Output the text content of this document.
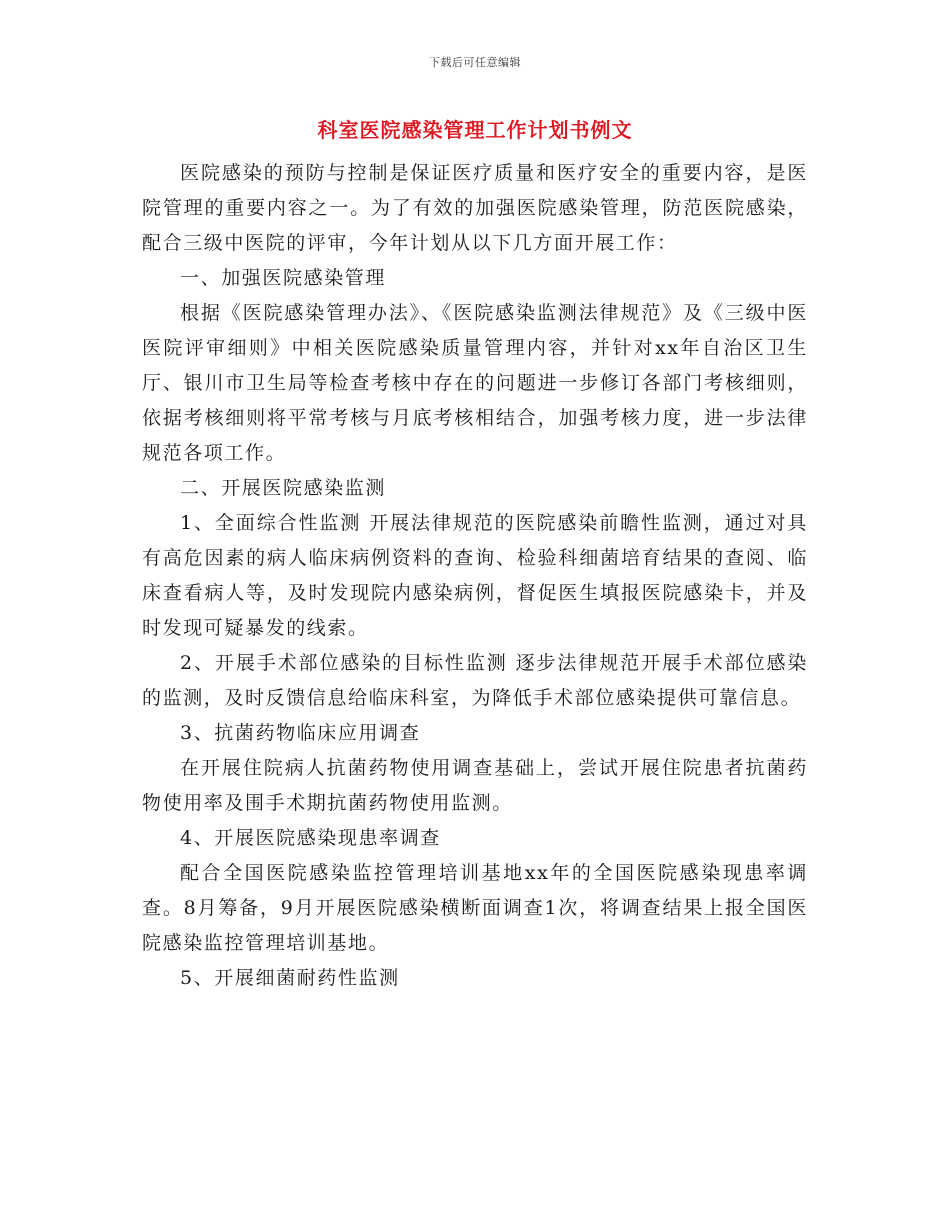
下载后可任意编辑
科室医院感染管理工作计划书例文

医院感染的预防与控制是保证医疗质量和医疗安全的重要内容，是医院管理的重要内容之一。为了有效的加强医院感染管理，防范医院感染，配合三级中医院的评审，今年计划从以下几方面开展工作：

一、加强医院感染管理

根据《医院感染管理办法》、《医院感染监测法律规范》及《三级中医医院评审细则》中相关医院感染质量管理内容，并针对xx年自治区卫生厅、银川市卫生局等检查考核中存在的问题进一步修订各部门考核细则，依据考核细则将平常考核与月底考核相结合，加强考核力度，进一步法律规范各项工作。

二、开展医院感染监测

1、全面综合性监测 开展法律规范的医院感染前瞻性监测，通过对具有高危因素的病人临床病例资料的查询、检验科细菌培育结果的查阅、临床查看病人等，及时发现院内感染病例，督促医生填报医院感染卡，并及时发现可疑暴发的线索。

2、开展手术部位感染的目标性监测 逐步法律规范开展手术部位感染的监测，及时反馈信息给临床科室，为降低手术部位感染提供可靠信息。

3、抗菌药物临床应用调查

在开展住院病人抗菌药物使用调查基础上，尝试开展住院患者抗菌药物使用率及围手术期抗菌药物使用监测。

4、开展医院感染现患率调查

配合全国医院感染监控管理培训基地xx年的全国医院感染现患率调查。8月筹备，9月开展医院感染横断面调查1次，将调查结果上报全国医院感染监控管理培训基地。

5、开展细菌耐药性监测
